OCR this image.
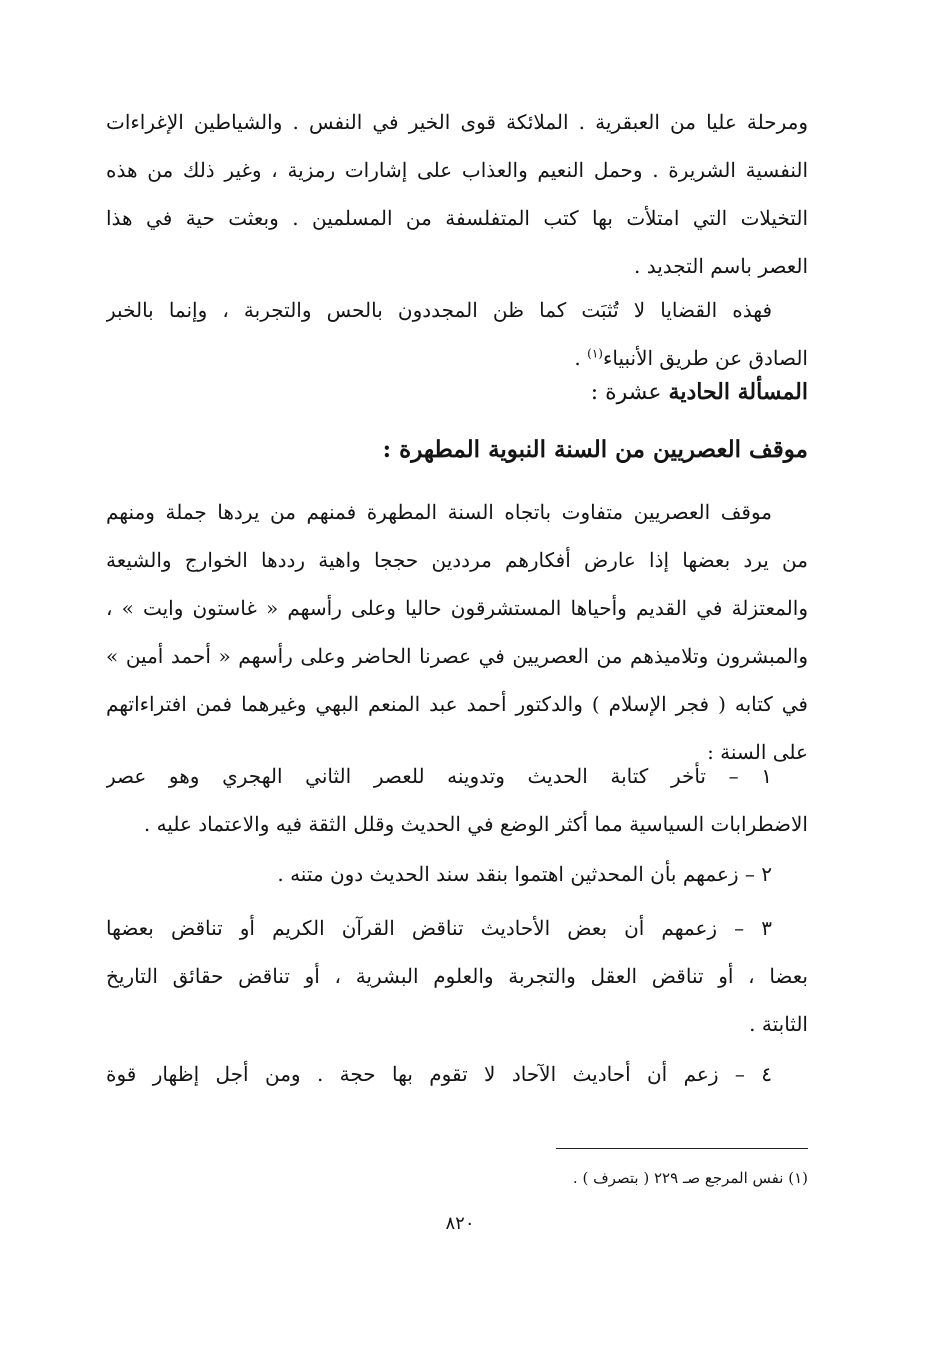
ومرحلة عليا من العبقرية . الملائكة قوى الخير في النفس . والشياطين الإغراءات
النفسية الشريرة . وحمل النعيم والعذاب على إشارات رمزية ، وغير ذلك من هذه
التخيلات التي امتلأت بها كتب المتفلسفة من المسلمين . وبعثت حية في هذا
العصر باسم التجديد .
فهذه القضايا لا تُثبَت كما ظن المجددون بالحس والتجربة ، وإنما بالخبر
الصادق عن طريق الأنبياء$^{(١)}$ .
المسألة الحادية عشرة :
موقف العصريين من السنة النبوية المطهرة :
موقف العصريين متفاوت باتجاه السنة المطهرة فمنهم من يردها جملة ومنهم
من يرد بعضها إذا عارض أفكارهم مرددين حججا واهية رددها الخوارج والشيعة
والمعتزلة في القديم وأحياها المستشرقون حاليا وعلى رأسهم « غاستون وايت » ،
والمبشرون وتلاميذهم من العصريين في عصرنا الحاضر وعلى رأسهم « أحمد أمين »
في كتابه ( فجر الإسلام ) والدكتور أحمد عبد المنعم البهي وغيرهما فمن افتراءاتهم
على السنة :
١ – تأخر كتابة الحديث وتدوينه للعصر الثاني الهجري وهو عصر
الاضطرابات السياسية مما أكثر الوضع في الحديث وقلل الثقة فيه والاعتماد عليه .
٢ – زعمهم بأن المحدثين اهتموا بنقد سند الحديث دون متنه .
٣ – زعمهم أن بعض الأحاديث تناقض القرآن الكريم أو تناقض بعضها
بعضا ، أو تناقض العقل والتجربة والعلوم البشرية ، أو تناقض حقائق التاريخ
الثابتة .
٤ – زعم أن أحاديث الآحاد لا تقوم بها حجة . ومن أجل إظهار قوة
(١) نفس المرجع صـ ٢٢٩ ( بتصرف ) .
٨٢٠
